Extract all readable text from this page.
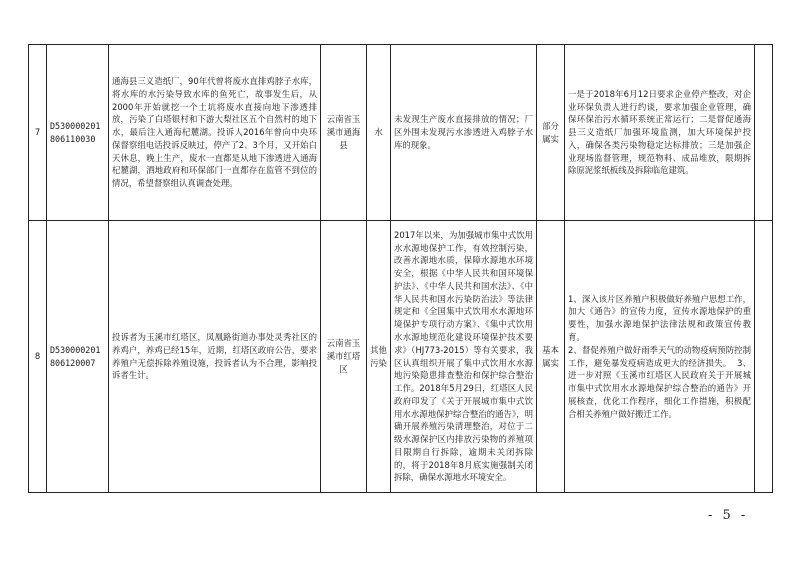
7	D530000201806110030	通海县三义造纸厂，90年代曾将废水直排鸡脖子水库，将水库的水污染导致水库的鱼死亡，故事发生后，从2000年开始就挖一个土坑将废水直接向地下渗透排放，污染了白塔银村和下游大梨社区五个自然村的地下水，最后注入通海杞麓湖。投诉人2016年曾向中央环保督察组电话投诉反映过，停产了2、3个月，又开始白天休息，晚上生产，废水一直都是从地下渗透进入通海杞麓湖，洒地政府和环保部门一直都存在监管不到位的情况，希望督察组认真调查处理。	云南省玉溪市通海县	水	未发现生产废水直接排放的情况；厂区外围未发现污水渗透进入鸡脖子水库的现象。	部分属实	一是于2018年6月12日要求企业停产整改，对企业环保负责人进行约谈，要求加强企业管理，确保环保治污水循环系统正常运行；二是督促通海县三义造纸厂加强环境监测，加大环境保护投入，确保各类污染物稳定达标排放；三是加强企业现场监督管理，规范物料、成品堆放，限期拆除原泥浆纸板线及拆除临危建筑。	
8	D530000201806120007	投诉者为玉溪市红塔区，凤凰路街道办事处灵秀社区的养鸡户，养鸡已经15年，近期，红塔区政府公告，要求养殖户无偿拆除养殖设施，投诉者认为不合理，影响投诉者生计。	云南省玉溪市红塔区	其他污染	2017年以来，为加强城市集中式饮用水水源地保护工作，有效控制污染，改善水源地水质，保障水源地水环境安全，根据《中华人民共和国环境保护法》、《中华人民共和国水法》、《中华人民共和国水污染防治法》等法律规定和《全国集中式饮用水水源地环境保护专项行动方案》、《集中式饮用水水源地规范化建设环境保护技术要求》（HJ773-2015）等有关要求，我区认真组织开展了集中式饮用水水源地污染隐患排查整治和保护综合整治工作。2018年5月29日，红塔区人民政府印发了《关于开展城市集中式饮用水水源地保护综合整治的通告》，明确开展养殖污染清理整治，对位于二级水源保护区内排放污染物的养殖项目限期自行拆除，逾期未关闭拆除的，将于2018年8月底实施强制关闭拆除，确保水源地水环境安全。	基本属实	1、深入该片区养殖户积极做好养殖户思想工作，加大《通告》的宣传力度，宣传水源地保护的重要性，加强水源地保护法律法规和政策宣传教育。
2、督促养殖户做好雨季天气的动物疫病预防控制工作，避免暴发疫病造成更大的经济损失。  3、进一步对照《玉溪市红塔区人民政府关于开展城市集中式饮用水水源地保护综合整治的通告》开展核查，优化工作程序，细化工作措施，积极配合相关养殖户做好搬迁工作。	
- 5 -
